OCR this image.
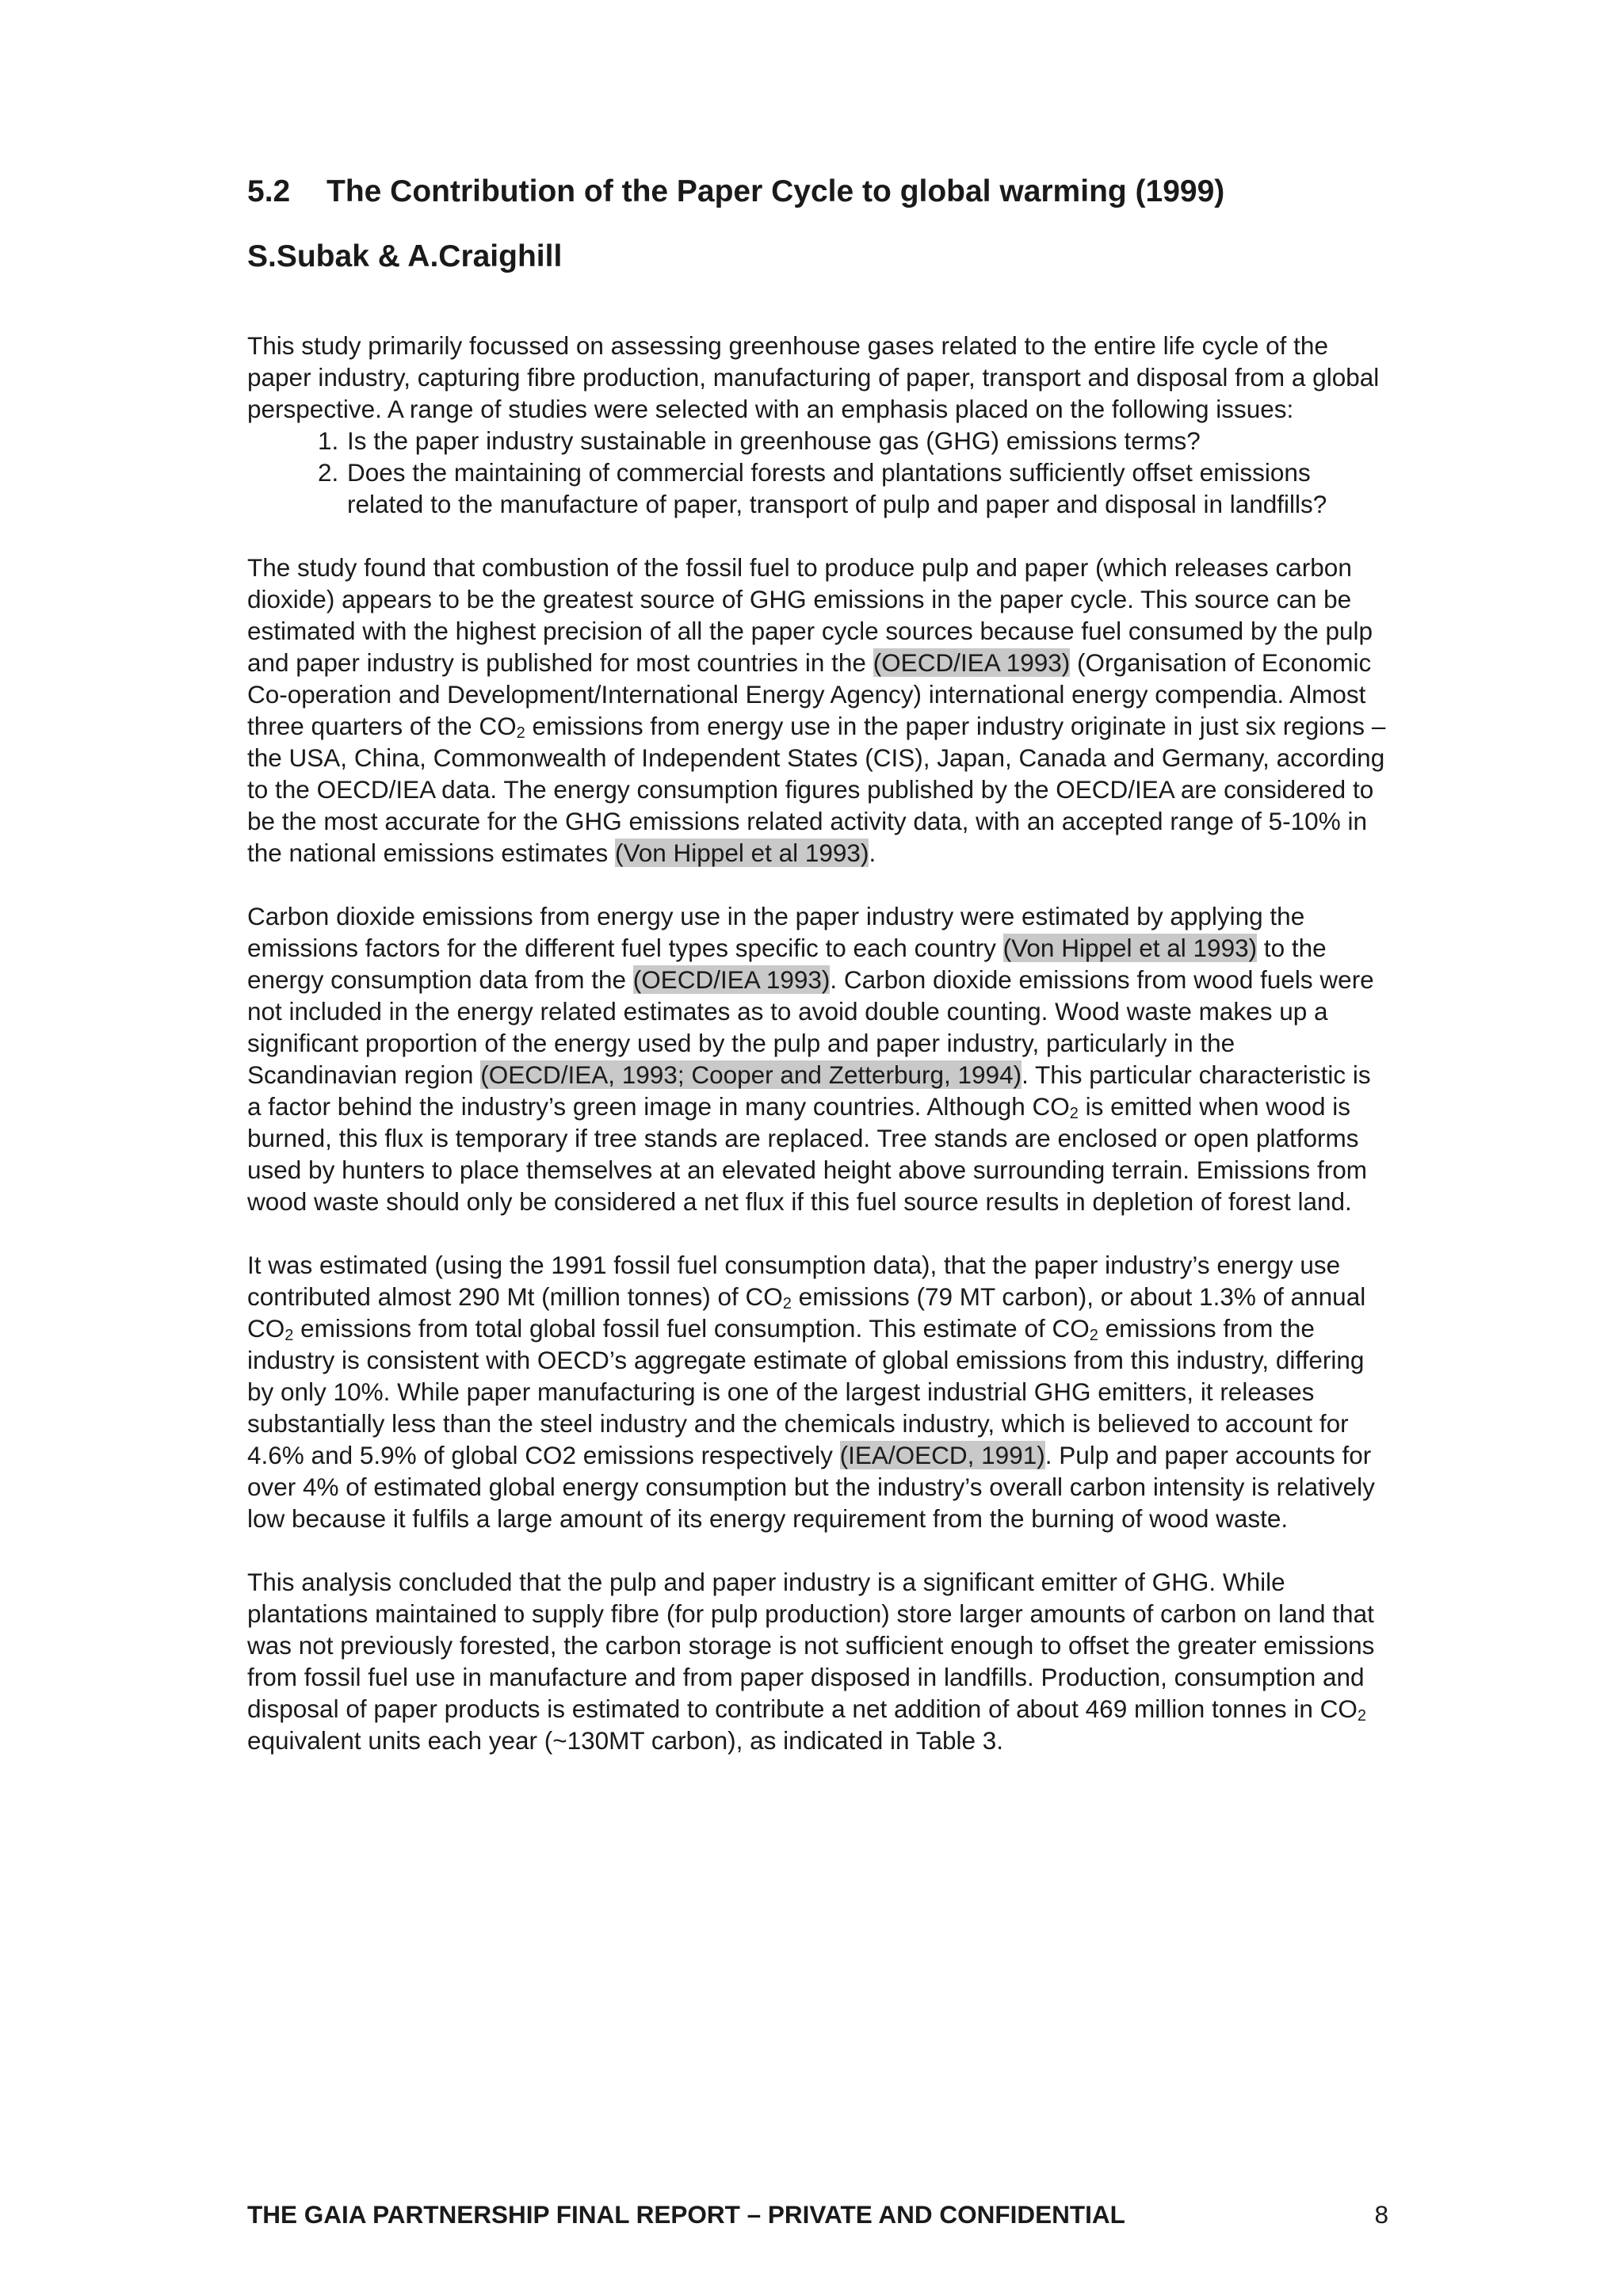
5.2	The Contribution of the Paper Cycle to global warming (1999)
S.Subak & A.Craighill

This study primarily focussed on assessing greenhouse gases related to the entire life cycle of the paper industry, capturing fibre production, manufacturing of paper, transport and disposal from a global perspective. A range of studies were selected with an emphasis placed on the following issues:

1. Is the paper industry sustainable in greenhouse gas (GHG) emissions terms?
2. Does the maintaining of commercial forests and plantations sufficiently offset emissions related to the manufacture of paper, transport of pulp and paper and disposal in landfills?

The study found that combustion of the fossil fuel to produce pulp and paper (which releases carbon dioxide) appears to be the greatest source of GHG emissions in the paper cycle. This source can be estimated with the highest precision of all the paper cycle sources because fuel consumed by the pulp and paper industry is published for most countries in the (OECD/IEA 1993) (Organisation of Economic Co-operation and Development/International Energy Agency) international energy compendia. Almost three quarters of the $CO_2$ emissions from energy use in the paper industry originate in just six regions – the USA, China, Commonwealth of Independent States (CIS), Japan, Canada and Germany, according to the OECD/IEA data. The energy consumption figures published by the OECD/IEA are considered to be the most accurate for the GHG emissions related activity data, with an accepted range of 5-10% in the national emissions estimates (Von Hippel et al 1993).

Carbon dioxide emissions from energy use in the paper industry were estimated by applying the emissions factors for the different fuel types specific to each country (Von Hippel et al 1993) to the energy consumption data from the (OECD/IEA 1993). Carbon dioxide emissions from wood fuels were not included in the energy related estimates as to avoid double counting. Wood waste makes up a significant proportion of the energy used by the pulp and paper industry, particularly in the Scandinavian region (OECD/IEA, 1993; Cooper and Zetterburg, 1994). This particular characteristic is a factor behind the industry’s green image in many countries. Although $CO_2$ is emitted when wood is burned, this flux is temporary if tree stands are replaced. Tree stands are enclosed or open platforms used by hunters to place themselves at an elevated height above surrounding terrain. Emissions from wood waste should only be considered a net flux if this fuel source results in depletion of forest land.

It was estimated (using the 1991 fossil fuel consumption data), that the paper industry’s energy use contributed almost 290 Mt (million tonnes) of $CO_2$ emissions (79 MT carbon), or about 1.3% of annual $CO_2$ emissions from total global fossil fuel consumption. This estimate of $CO_2$ emissions from the industry is consistent with OECD’s aggregate estimate of global emissions from this industry, differing by only 10%. While paper manufacturing is one of the largest industrial GHG emitters, it releases substantially less than the steel industry and the chemicals industry, which is believed to account for 4.6% and 5.9% of global CO2 emissions respectively (IEA/OECD, 1991). Pulp and paper accounts for over 4% of estimated global energy consumption but the industry’s overall carbon intensity is relatively low because it fulfils a large amount of its energy requirement from the burning of wood waste.

This analysis concluded that the pulp and paper industry is a significant emitter of GHG. While plantations maintained to supply fibre (for pulp production) store larger amounts of carbon on land that was not previously forested, the carbon storage is not sufficient enough to offset the greater emissions from fossil fuel use in manufacture and from paper disposed in landfills. Production, consumption and disposal of paper products is estimated to contribute a net addition of about 469 million tonnes in $CO_2$ equivalent units each year (~130MT carbon), as indicated in Table 3.

THE GAIA PARTNERSHIP FINAL REPORT – PRIVATE AND CONFIDENTIAL	8
